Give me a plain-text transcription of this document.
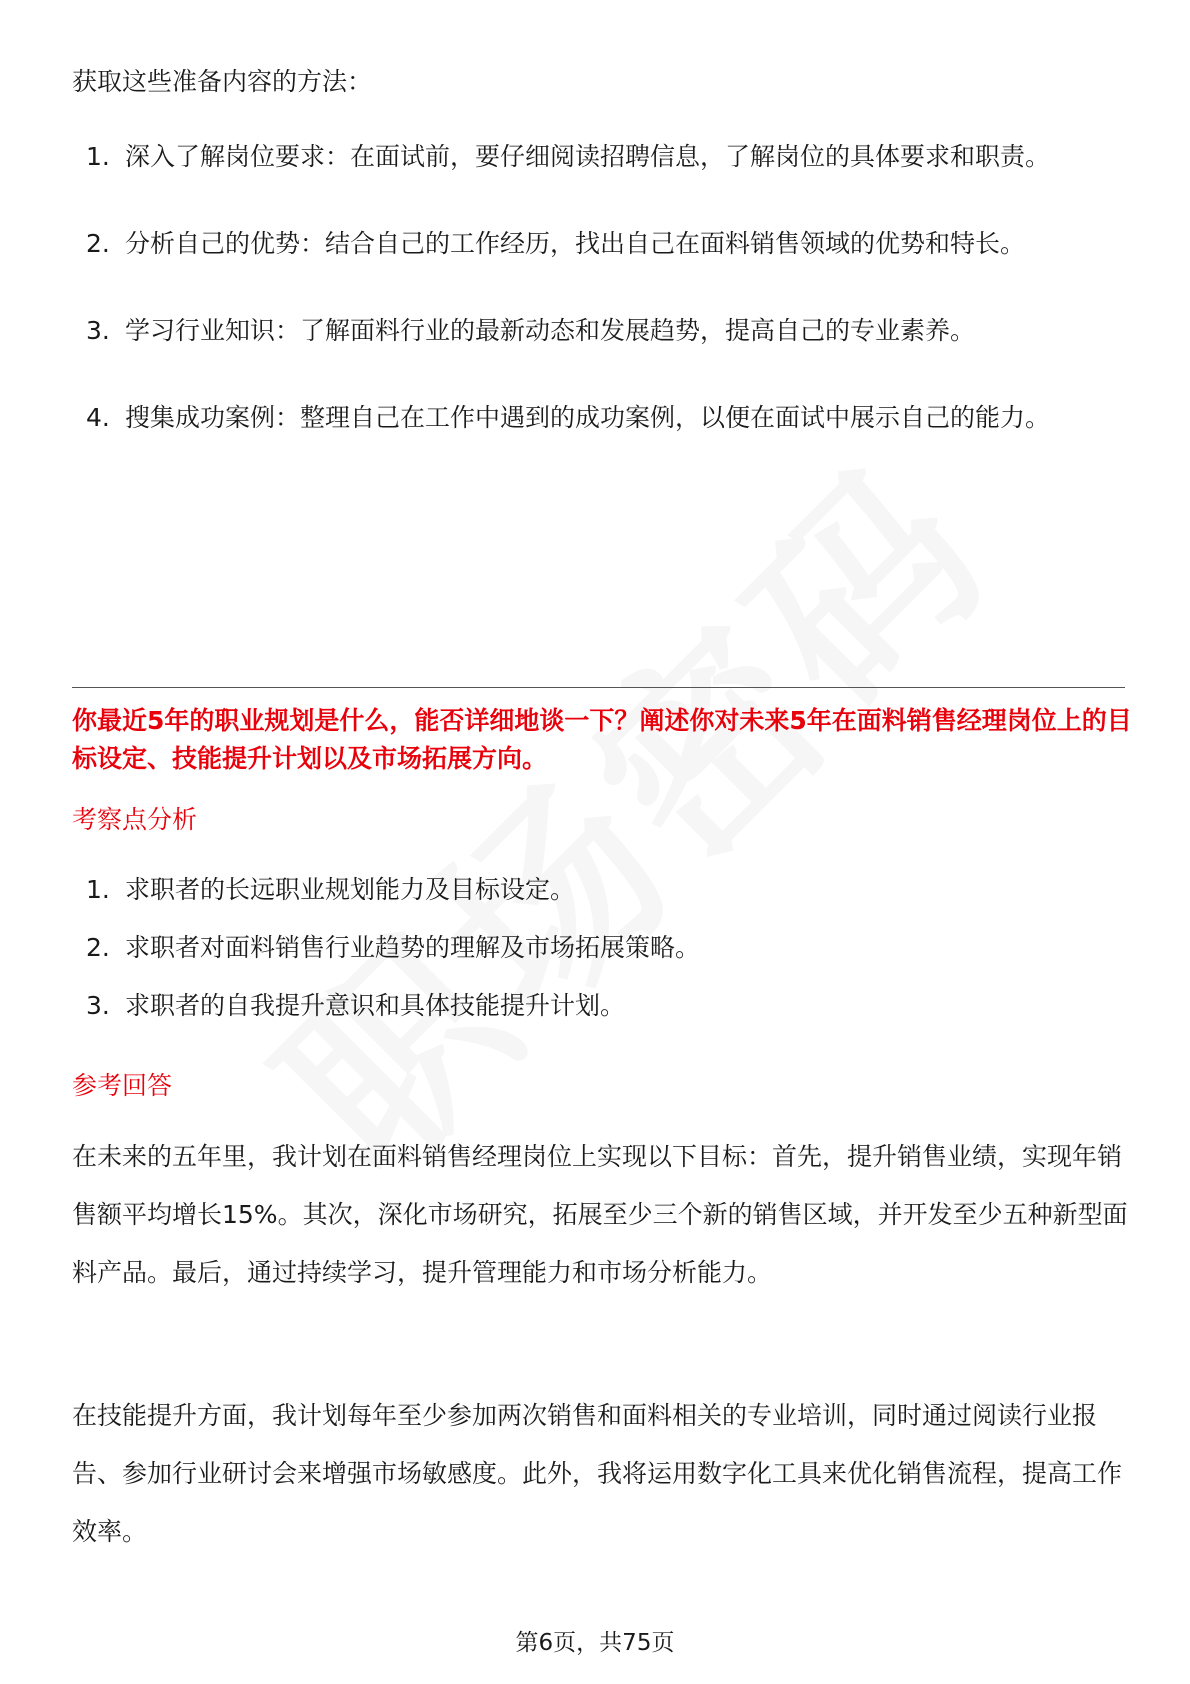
获取这些准备内容的方法：
1. 深入了解岗位要求：在面试前，要仔细阅读招聘信息，了解岗位的具体要求和职责。
2. 分析自己的优势：结合自己的工作经历，找出自己在面料销售领域的优势和特长。
3. 学习行业知识：了解面料行业的最新动态和发展趋势，提高自己的专业素养。
4. 搜集成功案例：整理自己在工作中遇到的成功案例，以便在面试中展示自己的能力。
你最近5年的职业规划是什么，能否详细地谈一下？阐述你对未来5年在面料销售经理岗位上的目标设定、技能提升计划以及市场拓展方向。
考察点分析
1. 求职者的长远职业规划能力及目标设定。
2. 求职者对面料销售行业趋势的理解及市场拓展策略。
3. 求职者的自我提升意识和具体技能提升计划。
参考回答
在未来的五年里，我计划在面料销售经理岗位上实现以下目标：首先，提升销售业绩，实现年销售额平均增长15%。其次，深化市场研究，拓展至少三个新的销售区域，并开发至少五种新型面料产品。最后，通过持续学习，提升管理能力和市场分析能力。
在技能提升方面，我计划每年至少参加两次销售和面料相关的专业培训，同时通过阅读行业报告、参加行业研讨会来增强市场敏感度。此外，我将运用数字化工具来优化销售流程，提高工作效率。
第6页，共75页
